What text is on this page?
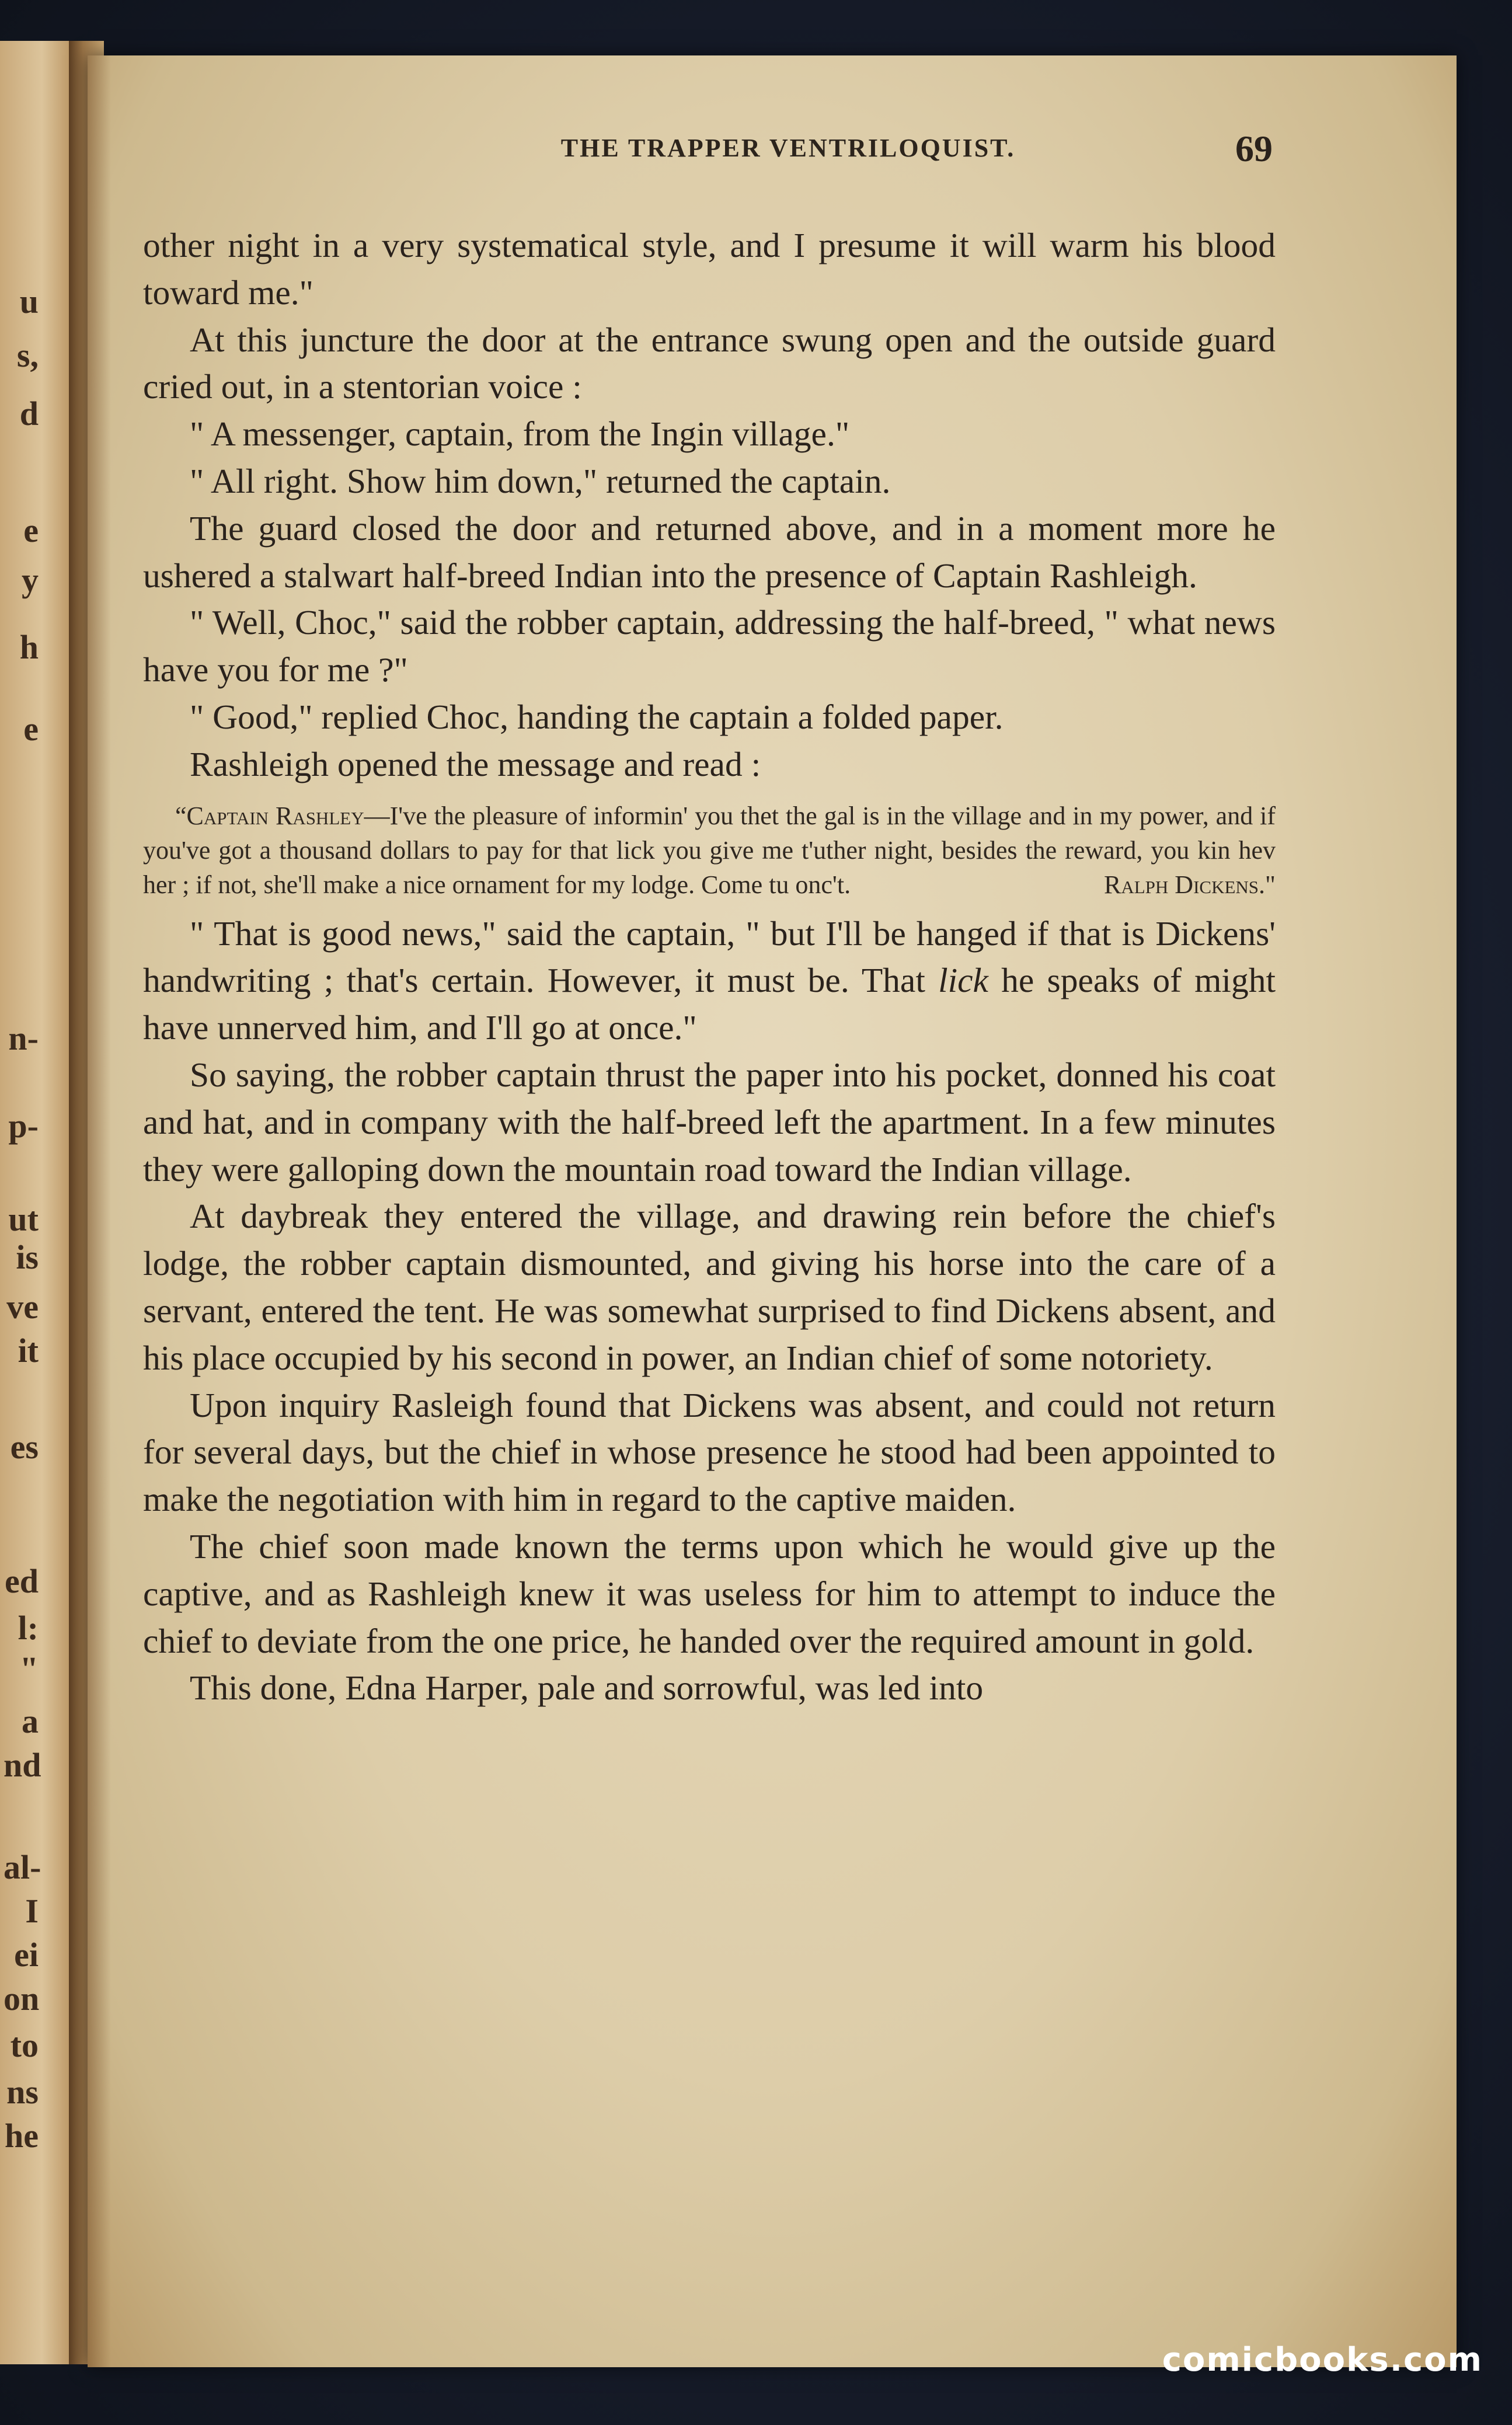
u
s,
d
e
y
h
e
n-
p-
ut
is
ve
it
es
ed
l:
"
a
nd
al-
I
ei
on
to
ns
he
THE TRAPPER VENTRILOQUIST.	69

other night in a very systematical style, and I presume it will warm his blood toward me."

At this juncture the door at the entrance swung open and the outside guard cried out, in a stentorian voice :

" A messenger, captain, from the Ingin village."

" All right. Show him down," returned the captain.

The guard closed the door and returned above, and in a moment more he ushered a stalwart half-breed Indian into the presence of Captain Rashleigh.

" Well, Choc," said the robber captain, addressing the half-breed, " what news have you for me ?"

" Good," replied Choc, handing the captain a folded paper.

Rashleigh opened the message and read :

“Captain Rashley—I've the pleasure of informin' you thet the gal is in the village and in my power, and if you've got a thousand dollars to pay for that lick you give me t'uther night, besides the reward, you kin hev her ; if not, she'll make a nice ornament for my lodge. Come tu onc't.	Ralph Dickens."

" That is good news," said the captain, " but I'll be hanged if that is Dickens' handwriting ; that's certain. However, it must be. That lick he speaks of might have unnerved him, and I'll go at once."

So saying, the robber captain thrust the paper into his pocket, donned his coat and hat, and in company with the half-breed left the apartment. In a few minutes they were galloping down the mountain road toward the Indian village.

At daybreak they entered the village, and drawing rein before the chief's lodge, the robber captain dismounted, and giving his horse into the care of a servant, entered the tent. He was somewhat surprised to find Dickens absent, and his place occupied by his second in power, an Indian chief of some notoriety.

Upon inquiry Rasleigh found that Dickens was absent, and could not return for several days, but the chief in whose presence he stood had been appointed to make the negotiation with him in regard to the captive maiden.

The chief soon made known the terms upon which he would give up the captive, and as Rashleigh knew it was useless for him to attempt to induce the chief to deviate from the one price, he handed over the required amount in gold.

This done, Edna Harper, pale and sorrowful, was led into

comicbooks.com
